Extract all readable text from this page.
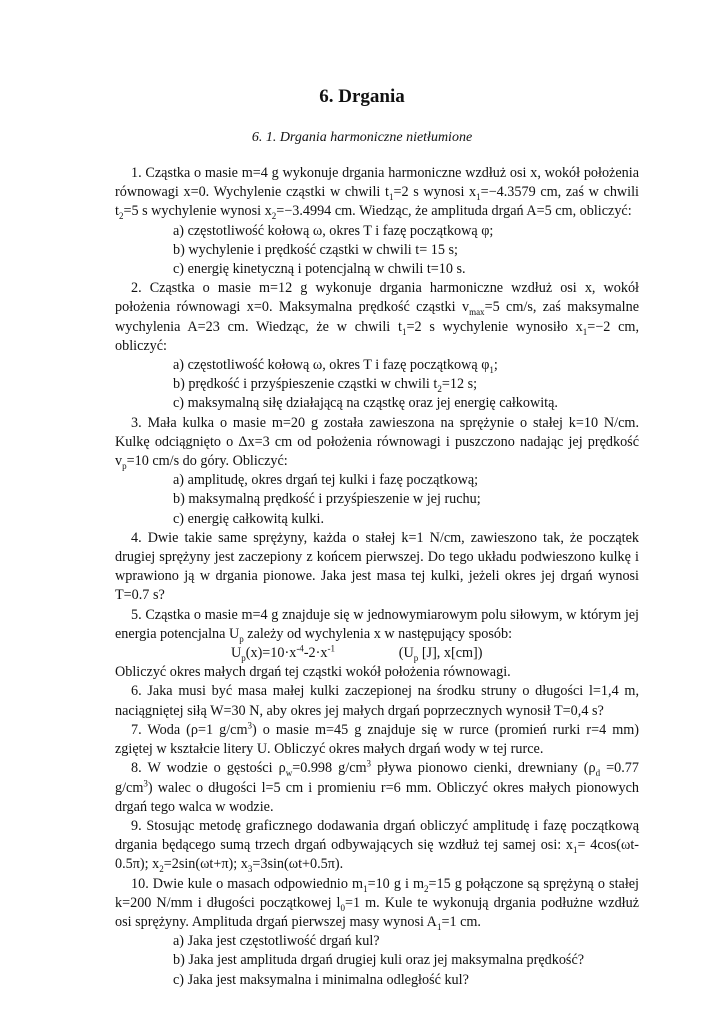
6. Drgania
6. 1. Drgania harmoniczne nietłumione

1. Cząstka o masie m=4 g wykonuje drgania harmoniczne wzdłuż osi x, wokół położenia równowagi x=0. Wychylenie cząstki w chwili $t_1=2$ s wynosi $x_1=-4.3579$ cm, zaś w chwili $t_2=5$ s wychylenie wynosi $x_2=-3.4994$ cm. Wiedząc, że amplituda drgań A=5 cm, obliczyć:

a) częstotliwość kołową ω, okres T i fazę początkową φ;

b) wychylenie i prędkość cząstki w chwili t= 15 s;

c) energię kinetyczną i potencjalną w chwili t=10 s.

2. Cząstka o masie m=12 g wykonuje drgania harmoniczne wzdłuż osi x, wokół położenia równowagi x=0. Maksymalna prędkość cząstki $v_{max}=5$ cm/s, zaś maksymalne wychylenia A=23 cm. Wiedząc, że w chwili $t_1=2$ s wychylenie wynosiło $x_1=-2$ cm, obliczyć:

a) częstotliwość kołową ω, okres T i fazę początkową $\varphi_1$;

b) prędkość i przyśpieszenie cząstki w chwili $t_2=12$ s;

c) maksymalną siłę działającą na cząstkę oraz jej energię całkowitą.

3. Mała kulka o masie m=20 g została zawieszona na sprężynie o stałej k=10 N/cm. Kulkę odciągnięto o Δx=3 cm od położenia równowagi i puszczono nadając jej prędkość $v_p=10$ cm/s do góry. Obliczyć:

a) amplitudę, okres drgań tej kulki i fazę początkową;

b) maksymalną prędkość i przyśpieszenie w jej ruchu;

c) energię całkowitą kulki.

4. Dwie takie same sprężyny, każda o stałej k=1 N/cm, zawieszono tak, że początek drugiej sprężyny jest zaczepiony z końcem pierwszej. Do tego układu podwieszono kulkę i wprawiono ją w drgania pionowe. Jaka jest masa tej kulki, jeżeli okres jej drgań wynosi T=0.7 s?

5. Cząstka o masie m=4 g znajduje się w jednowymiarowym polu siłowym, w którym jej energia potencjalna $U_p$ zależy od wychylenia x w następujący sposób:

$U_p(x)=10\cdot x^{-4}-2\cdot x^{-1}$                  ($U_p$ [J], x[cm])

Obliczyć okres małych drgań tej cząstki wokół położenia równowagi.

6. Jaka musi być masa małej kulki zaczepionej na środku struny o długości l=1,4 m, naciągniętej siłą W=30 N, aby okres jej małych drgań poprzecznych wynosił T=0,4 s?

7. Woda (ρ=1 $g/cm^3$) o masie m=45 g znajduje się w rurce (promień rurki r=4 mm) zgiętej w kształcie litery U. Obliczyć okres małych drgań wody w tej rurce.

8. W wodzie o gęstości $\rho_w=0.998$ $g/cm^3$ pływa pionowo cienki, drewniany ($\rho_d =0.77$ $g/cm^3$) walec o długości l=5 cm i promieniu r=6 mm. Obliczyć okres małych pionowych drgań tego walca w wodzie.

9. Stosując metodę graficznego dodawania drgań obliczyć amplitudę i fazę początkową drgania będącego sumą trzech drgań odbywających się wzdłuż tej samej osi: $x_1= 4\cos(\omega t-0.5\pi)$; $x_2=2\sin(\omega t+\pi)$; $x_3=3\sin(\omega t+0.5\pi)$.

10. Dwie kule o masach odpowiednio $m_1=10$ g i $m_2=15$ g połączone są sprężyną o stałej k=200 N/mm i długości początkowej $l_0=1$ m. Kule te wykonują drgania podłużne wzdłuż osi sprężyny. Amplituda drgań pierwszej masy wynosi $A_1=1$ cm.

a) Jaka jest częstotliwość drgań kul?

b) Jaka jest amplituda drgań drugiej kuli oraz jej maksymalna prędkość?

c) Jaka jest maksymalna i minimalna odległość kul?
